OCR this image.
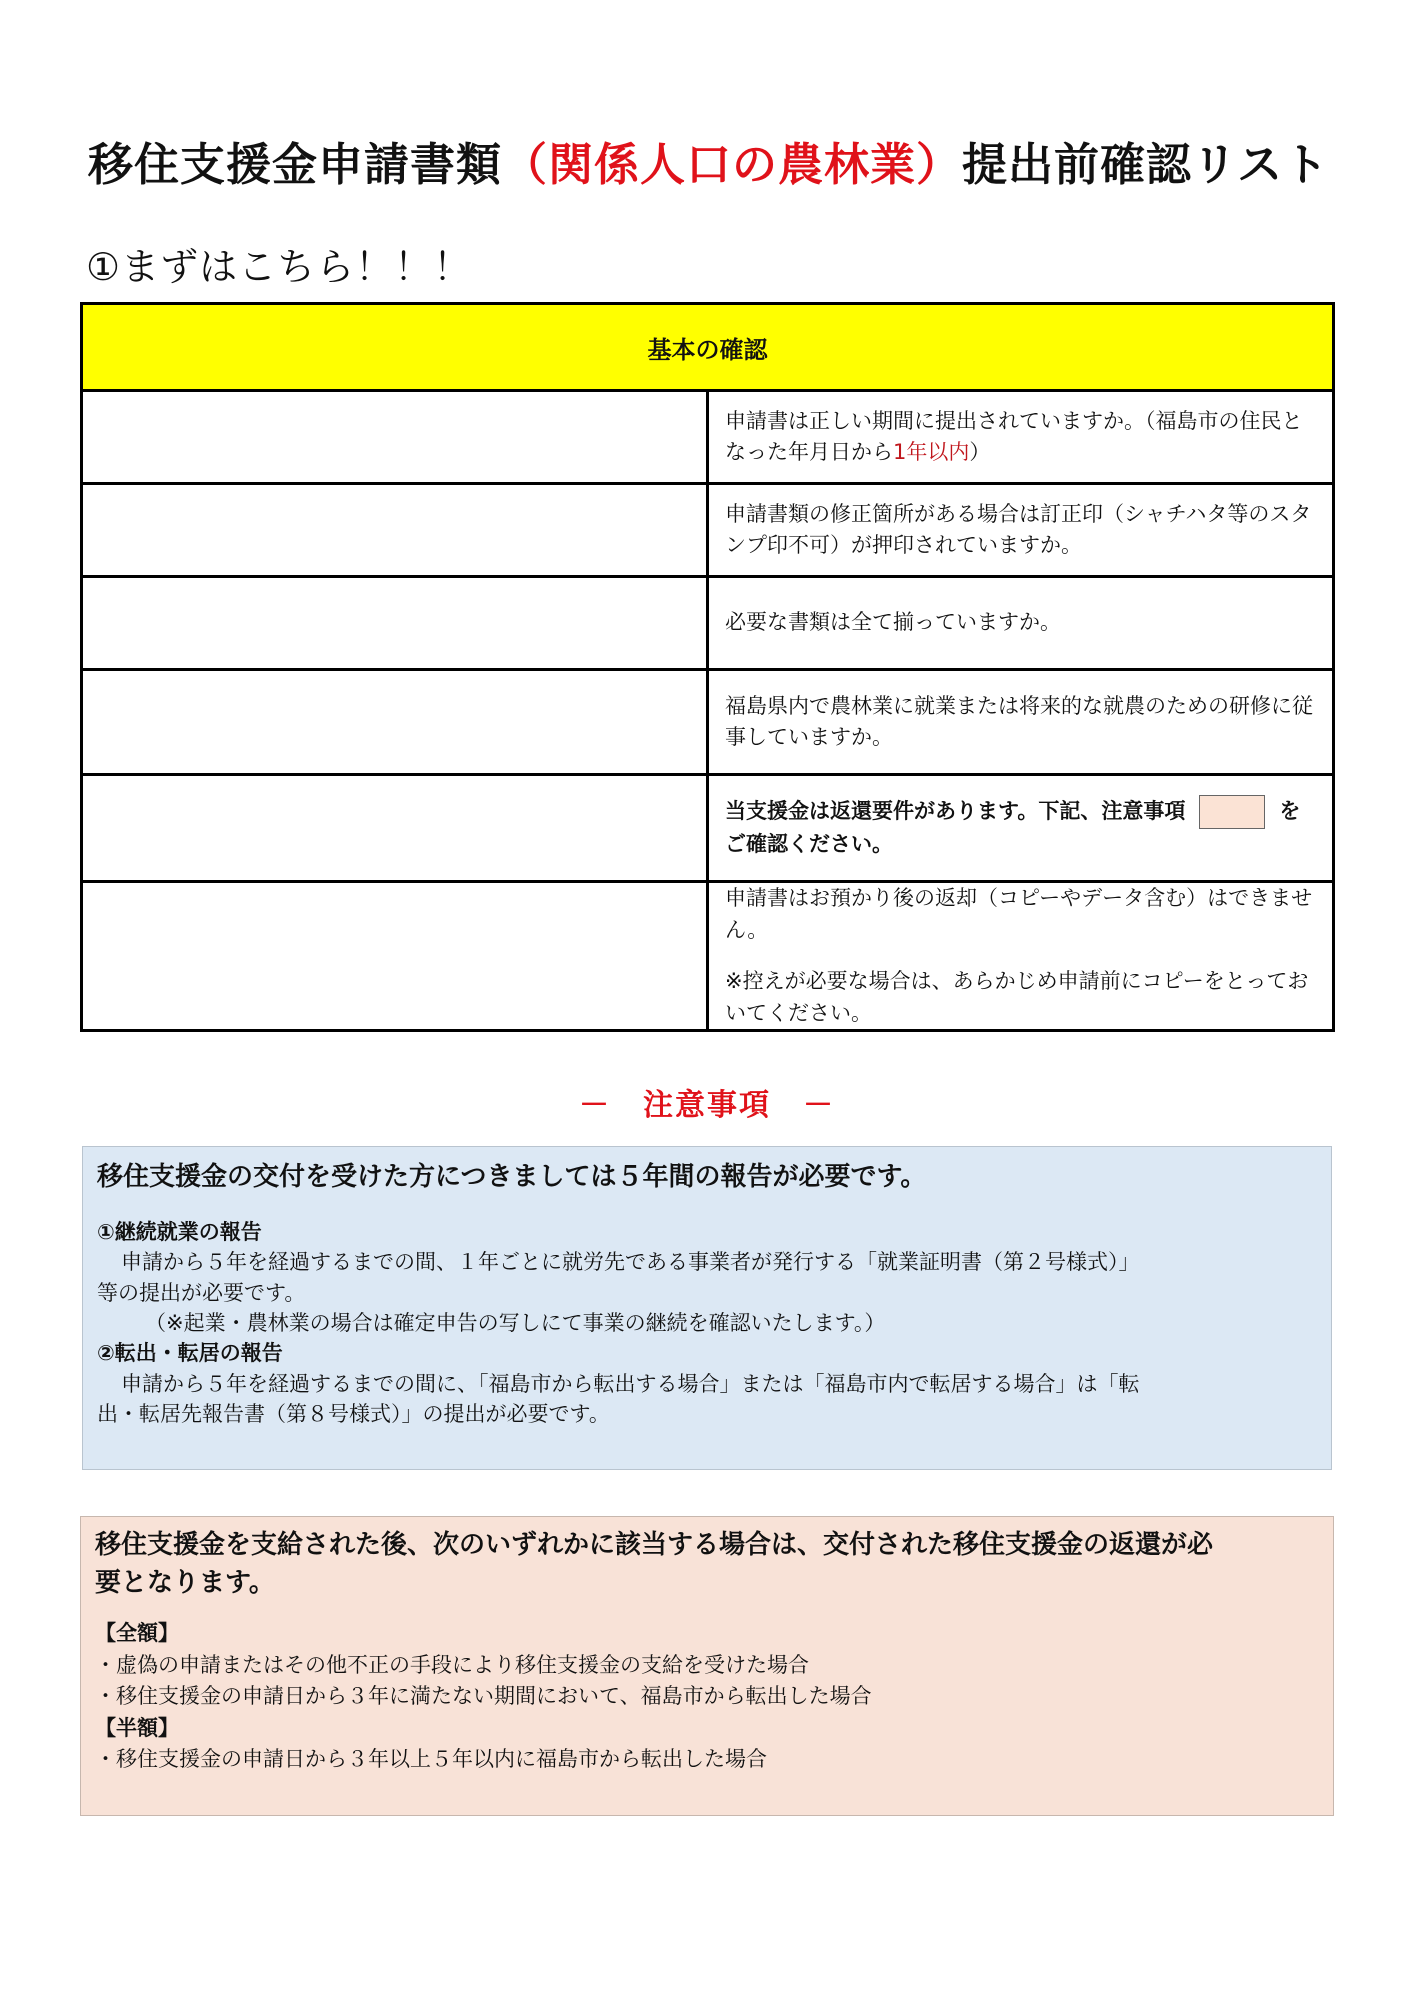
移住支援金申請書類（関係人口の農林業）提出前確認リスト
①まずはこちら！！！
基本の確認	
	申請書は正しい期間に提出されていますか。（福島市の住民となった年月日から1年以内）
	申請書類の修正箇所がある場合は訂正印（シャチハタ等のスタンプ印不可）が押印されていますか。
	必要な書類は全て揃っていますか。
	福島県内で農林業に就業または将来的な就農のための研修に従事していますか。
	当支援金は返還要件があります。下記、注意事項 をご確認ください。

	申請書はお預かり後の返却（コピーやデータ含む）はできません。
※控えが必要な場合は、あらかじめ申請前にコピーをとっておいてください。
－　注意事項　－
移住支援金の交付を受けた方につきましては５年間の報告が必要です。

①継続就業の報告

申請から５年を経過するまでの間、１年ごとに就労先である事業者が発行する「就業証明書（第２号様式）」

等の提出が必要です。

（※起業・農林業の場合は確定申告の写しにて事業の継続を確認いたします。）

②転出・転居の報告

申請から５年を経過するまでの間に、「福島市から転出する場合」または「福島市内で転居する場合」は「転

出・転居先報告書（第８号様式）」の提出が必要です。

移住支援金を支給された後、次のいずれかに該当する場合は、交付された移住支援金の返還が必
要となります。

【全額】

・虚偽の申請またはその他不正の手段により移住支援金の支給を受けた場合

・移住支援金の申請日から３年に満たない期間において、福島市から転出した場合

【半額】

・移住支援金の申請日から３年以上５年以内に福島市から転出した場合
